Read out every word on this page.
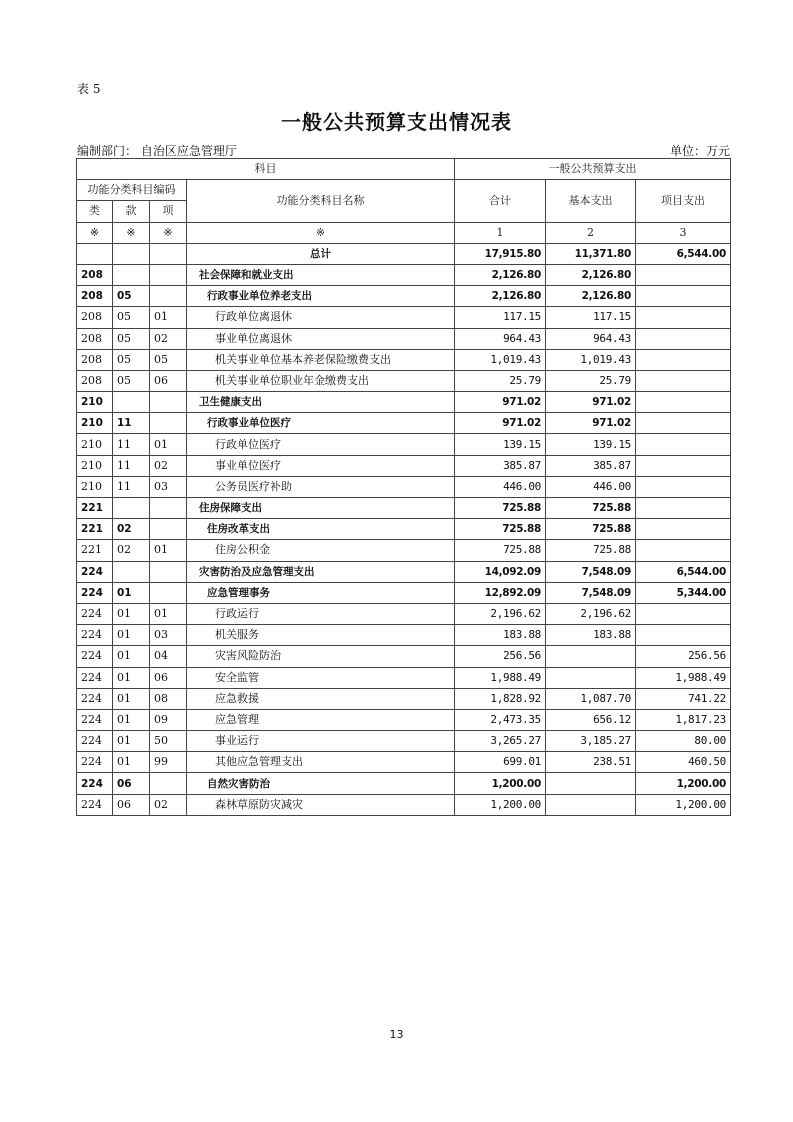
表 5
一般公共预算支出情况表
编制部门： 自治区应急管理厅	单位：万元
科目				一般公共预算支出		
功能分类科目编码			功能分类科目名称	合计	基本支出	项目支出
类	款	项				
※	※	※	※	1	2	3
			总计	17,915.80	11,371.80	6,544.00
208			社会保障和就业支出	2,126.80	2,126.80	
208	05		行政事业单位养老支出	2,126.80	2,126.80	
208	05	01	行政单位离退休	117.15	117.15	
208	05	02	事业单位离退休	964.43	964.43	
208	05	05	机关事业单位基本养老保险缴费支出	1,019.43	1,019.43	
208	05	06	机关事业单位职业年金缴费支出	25.79	25.79	
210			卫生健康支出	971.02	971.02	
210	11		行政事业单位医疗	971.02	971.02	
210	11	01	行政单位医疗	139.15	139.15	
210	11	02	事业单位医疗	385.87	385.87	
210	11	03	公务员医疗补助	446.00	446.00	
221			住房保障支出	725.88	725.88	
221	02		住房改革支出	725.88	725.88	
221	02	01	住房公积金	725.88	725.88	
224			灾害防治及应急管理支出	14,092.09	7,548.09	6,544.00
224	01		应急管理事务	12,892.09	7,548.09	5,344.00
224	01	01	行政运行	2,196.62	2,196.62	
224	01	03	机关服务	183.88	183.88	
224	01	04	灾害风险防治	256.56		256.56
224	01	06	安全监管	1,988.49		1,988.49
224	01	08	应急救援	1,828.92	1,087.70	741.22
224	01	09	应急管理	2,473.35	656.12	1,817.23
224	01	50	事业运行	3,265.27	3,185.27	80.00
224	01	99	其他应急管理支出	699.01	238.51	460.50
224	06		自然灾害防治	1,200.00		1,200.00
224	06	02	森林草原防灾减灾	1,200.00		1,200.00
13
